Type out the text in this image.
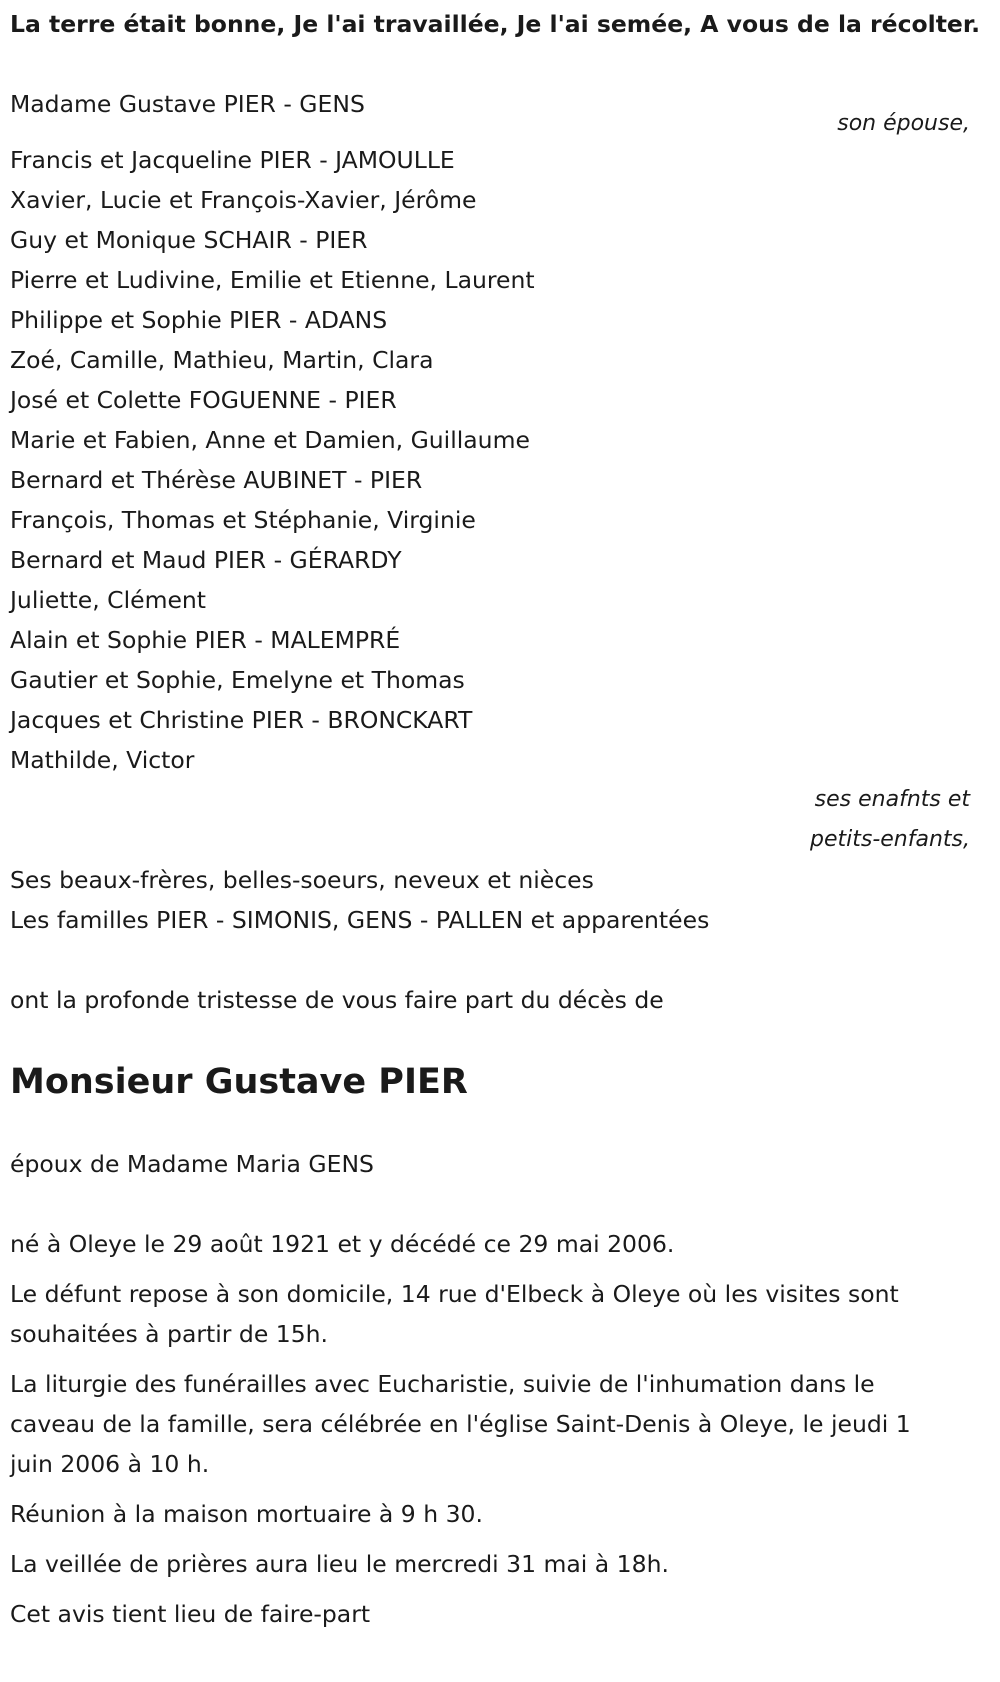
La terre était bonne, Je l'ai travaillée, Je l'ai semée, A vous de la récolter.

Madame Gustave PIER - GENS

son épouse,

Francis et Jacqueline PIER - JAMOULLE

Xavier, Lucie et François-Xavier, Jérôme

Guy et Monique SCHAIR - PIER

Pierre et Ludivine, Emilie et Etienne, Laurent

Philippe et Sophie PIER - ADANS

Zoé, Camille, Mathieu, Martin, Clara

José et Colette FOGUENNE - PIER

Marie et Fabien, Anne et Damien, Guillaume

Bernard et Thérèse AUBINET - PIER

François, Thomas et Stéphanie, Virginie

Bernard et Maud PIER - GÉRARDY

Juliette, Clément

Alain et Sophie PIER - MALEMPRÉ

Gautier et Sophie, Emelyne et Thomas

Jacques et Christine PIER - BRONCKART

Mathilde, Victor

ses enafnts et

petits-enfants,

Ses beaux-frères, belles-soeurs, neveux et nièces

Les familles PIER - SIMONIS, GENS - PALLEN et apparentées

ont la profonde tristesse de vous faire part du décès de

Monsieur Gustave PIER

époux de Madame Maria GENS

né à Oleye le 29 août 1921 et y décédé ce 29 mai 2006.

Le défunt repose à son domicile, 14 rue d'Elbeck à Oleye où les visites sont souhaitées à partir de 15h.

La liturgie des funérailles avec Eucharistie, suivie de l'inhumation dans le caveau de la famille, sera célébrée en l'église Saint-Denis à Oleye, le jeudi 1 juin 2006 à 10 h.

Réunion à la maison mortuaire à 9 h 30.

La veillée de prières aura lieu le mercredi 31 mai à 18h.

Cet avis tient lieu de faire-part
